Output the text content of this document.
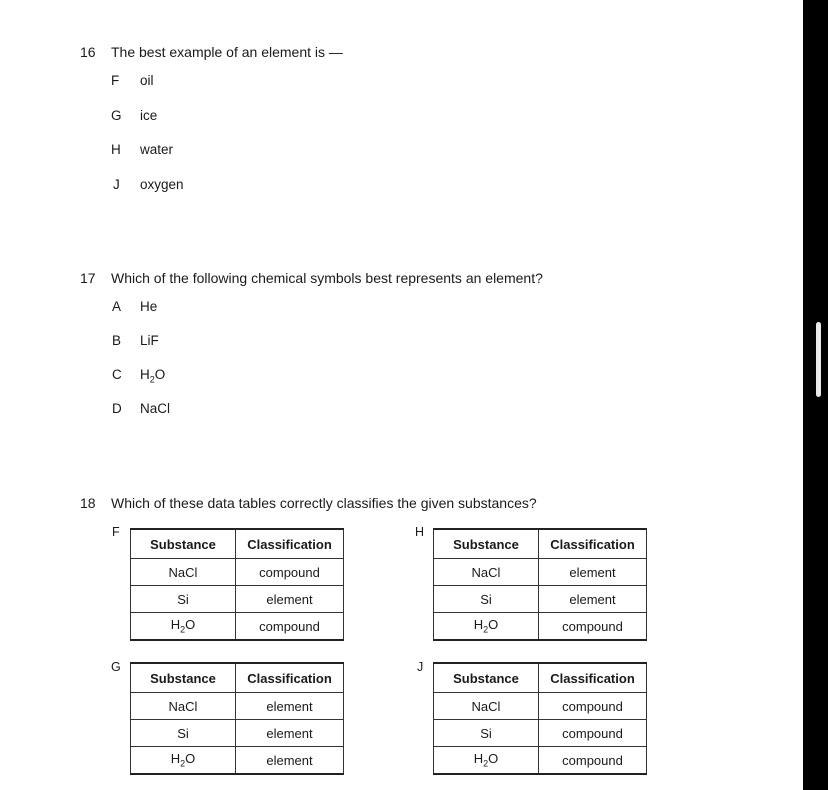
16 The best example of an element is —
F oil
G ice
H water
J oxygen
17 Which of the following chemical symbols best represents an element?
A He
B LiF
C $H_2O$
D NaCl
18 Which of these data tables correctly classifies the given substances?
F
Substance	Classification
NaCl	compound
Si	element
$H_2O$	compound
H
Substance	Classification
NaCl	element
Si	element
$H_2O$	compound
G
Substance	Classification
NaCl	element
Si	element
$H_2O$	element
J
Substance	Classification
NaCl	compound
Si	compound
$H_2O$	compound
